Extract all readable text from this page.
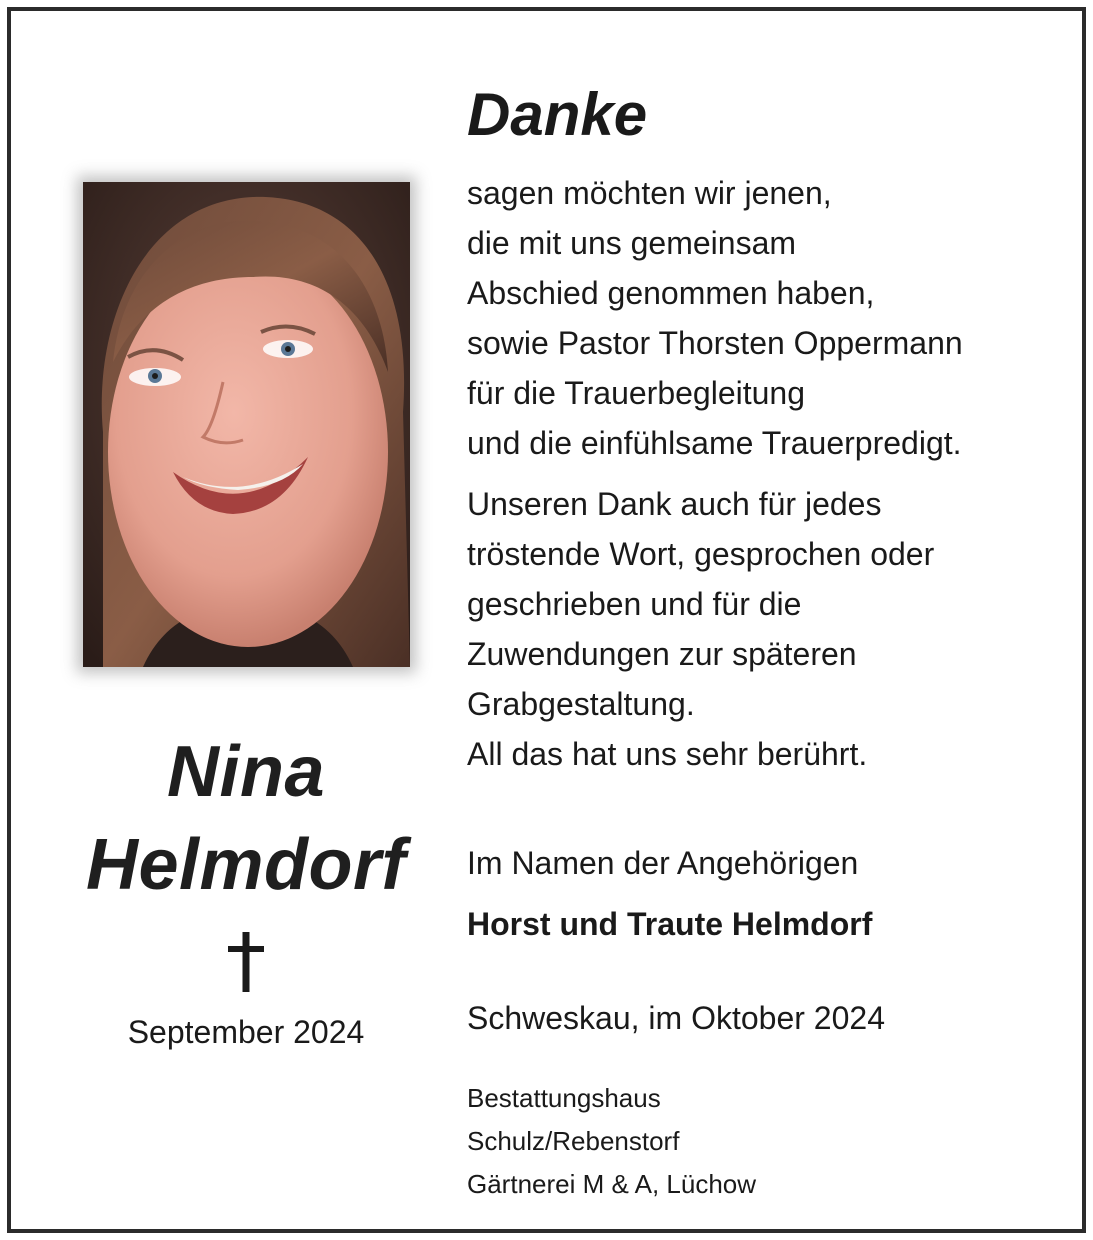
Nina
Helmdorf
September 2024
Danke
sagen möchten wir jenen,
die mit uns gemeinsam
Abschied genommen haben,
sowie Pastor Thorsten Oppermann
für die Trauerbegleitung
und die einfühlsame Trauerpredigt.
Unseren Dank auch für jedes
tröstende Wort, gesprochen oder
geschrieben und für die
Zuwendungen zur späteren
Grabgestaltung.
All das hat uns sehr berührt.
Im Namen der Angehörigen
Horst und Traute Helmdorf
Schweskau, im Oktober 2024
Bestattungshaus
Schulz/Rebenstorf
Gärtnerei M & A, Lüchow
